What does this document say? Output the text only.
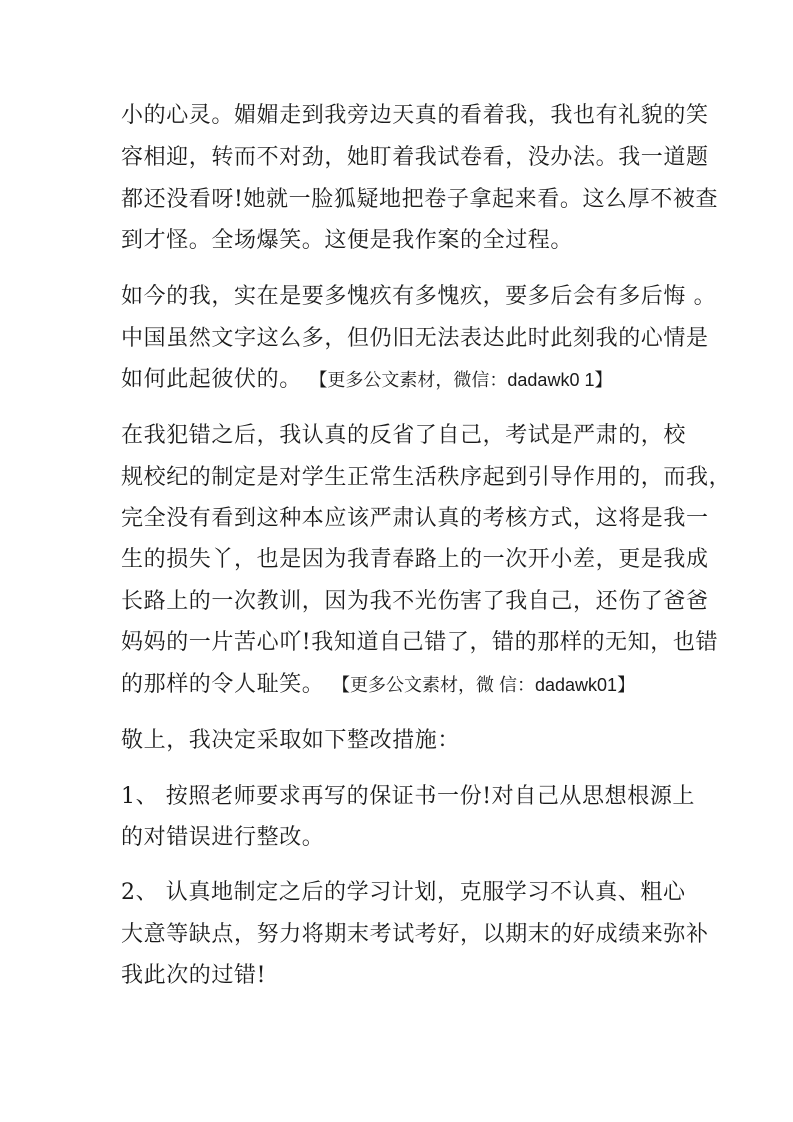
小的心灵。媚媚走到我旁边天真的看着我，我也有礼貌的笑
容相迎，转而不对劲，她盯着我试卷看，没办法。我一道题
都还没看呀!她就一脸狐疑地把卷子拿起来看。这么厚不被查
到才怪。全场爆笑。这便是我作案的全过程。
如今的我，实在是要多愧疚有多愧疚，要多后会有多后悔 。
中国虽然文字这么多，但仍旧无法表达此时此刻我的心情是
如何此起彼伏的。 【更多公文素材，微信：dadawk0 1】
在我犯错之后，我认真的反省了自己，考试是严肃的，校
规校纪的制定是对学生正常生活秩序起到引导作用的，而我，
完全没有看到这种本应该严肃认真的考核方式，这将是我一
生的损失丫，也是因为我青春路上的一次开小差，更是我成
长路上的一次教训，因为我不光伤害了我自己，还伤了爸爸
妈妈的一片苦心吖!我知道自己错了，错的那样的无知，也错
的那样的令人耻笑。 【更多公文素材，微 信：dadawk01】
敬上，我决定采取如下整改措施：
1、 按照老师要求再写的保证书一份!对自己从思想根源上
的对错误进行整改。
2、 认真地制定之后的学习计划，克服学习不认真、粗心
大意等缺点，努力将期末考试考好，以期末的好成绩来弥补
我此次的过错!
